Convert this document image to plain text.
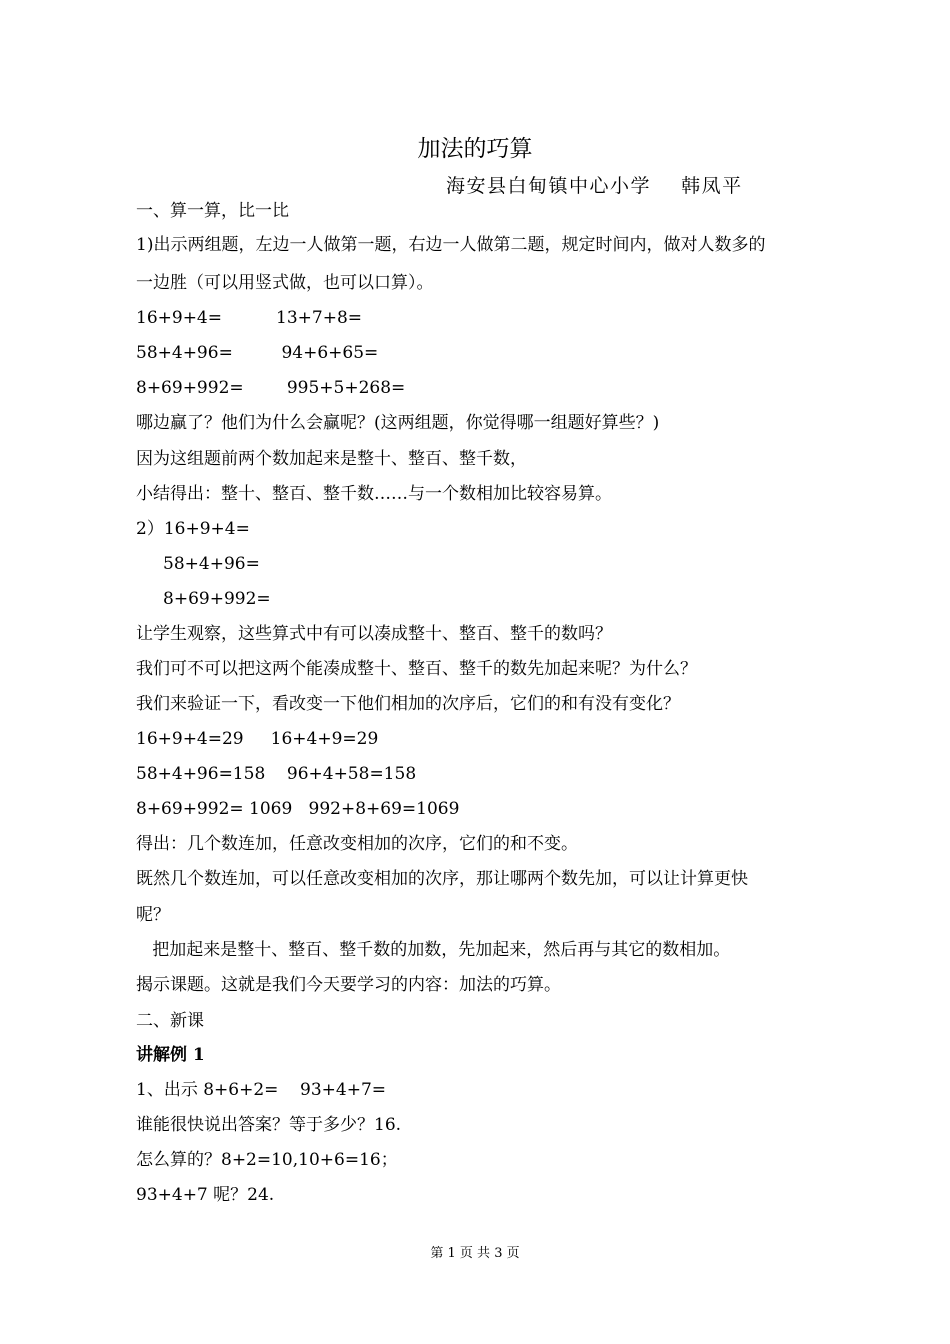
加法的巧算
海安县白甸镇中心小学    韩凤平
一、算一算，比一比
1)出示两组题，左边一人做第一题，右边一人做第二题，规定时间内，做对人数多的
一边胜（可以用竖式做，也可以口算）。
16+9+4=          13+7+8=
58+4+96=         94+6+65=
8+69+992=        995+5+268=
哪边赢了？他们为什么会赢呢？(这两组题，你觉得哪一组题好算些？)
因为这组题前两个数加起来是整十、整百、整千数，
小结得出：整十、整百、整千数……与一个数相加比较容易算。
2）16+9+4=
58+4+96=
8+69+992=
让学生观察，这些算式中有可以凑成整十、整百、整千的数吗？
我们可不可以把这两个能凑成整十、整百、整千的数先加起来呢？为什么？
我们来验证一下，看改变一下他们相加的次序后，它们的和有没有变化？
16+9+4=29     16+4+9=29
58+4+96=158    96+4+58=158
8+69+992= 1069   992+8+69=1069
得出：几个数连加，任意改变相加的次序，它们的和不变。
既然几个数连加，可以任意改变相加的次序，那让哪两个数先加，可以让计算更快
呢？
把加起来是整十、整百、整千数的加数，先加起来，然后再与其它的数相加。
揭示课题。这就是我们今天要学习的内容：加法的巧算。
二、新课
讲解例 1
1、出示 8+6+2=    93+4+7=
谁能很快说出答案？等于多少？16.
怎么算的？8+2=10,10+6=16；
93+4+7 呢？24.
第 1 页 共 3 页
